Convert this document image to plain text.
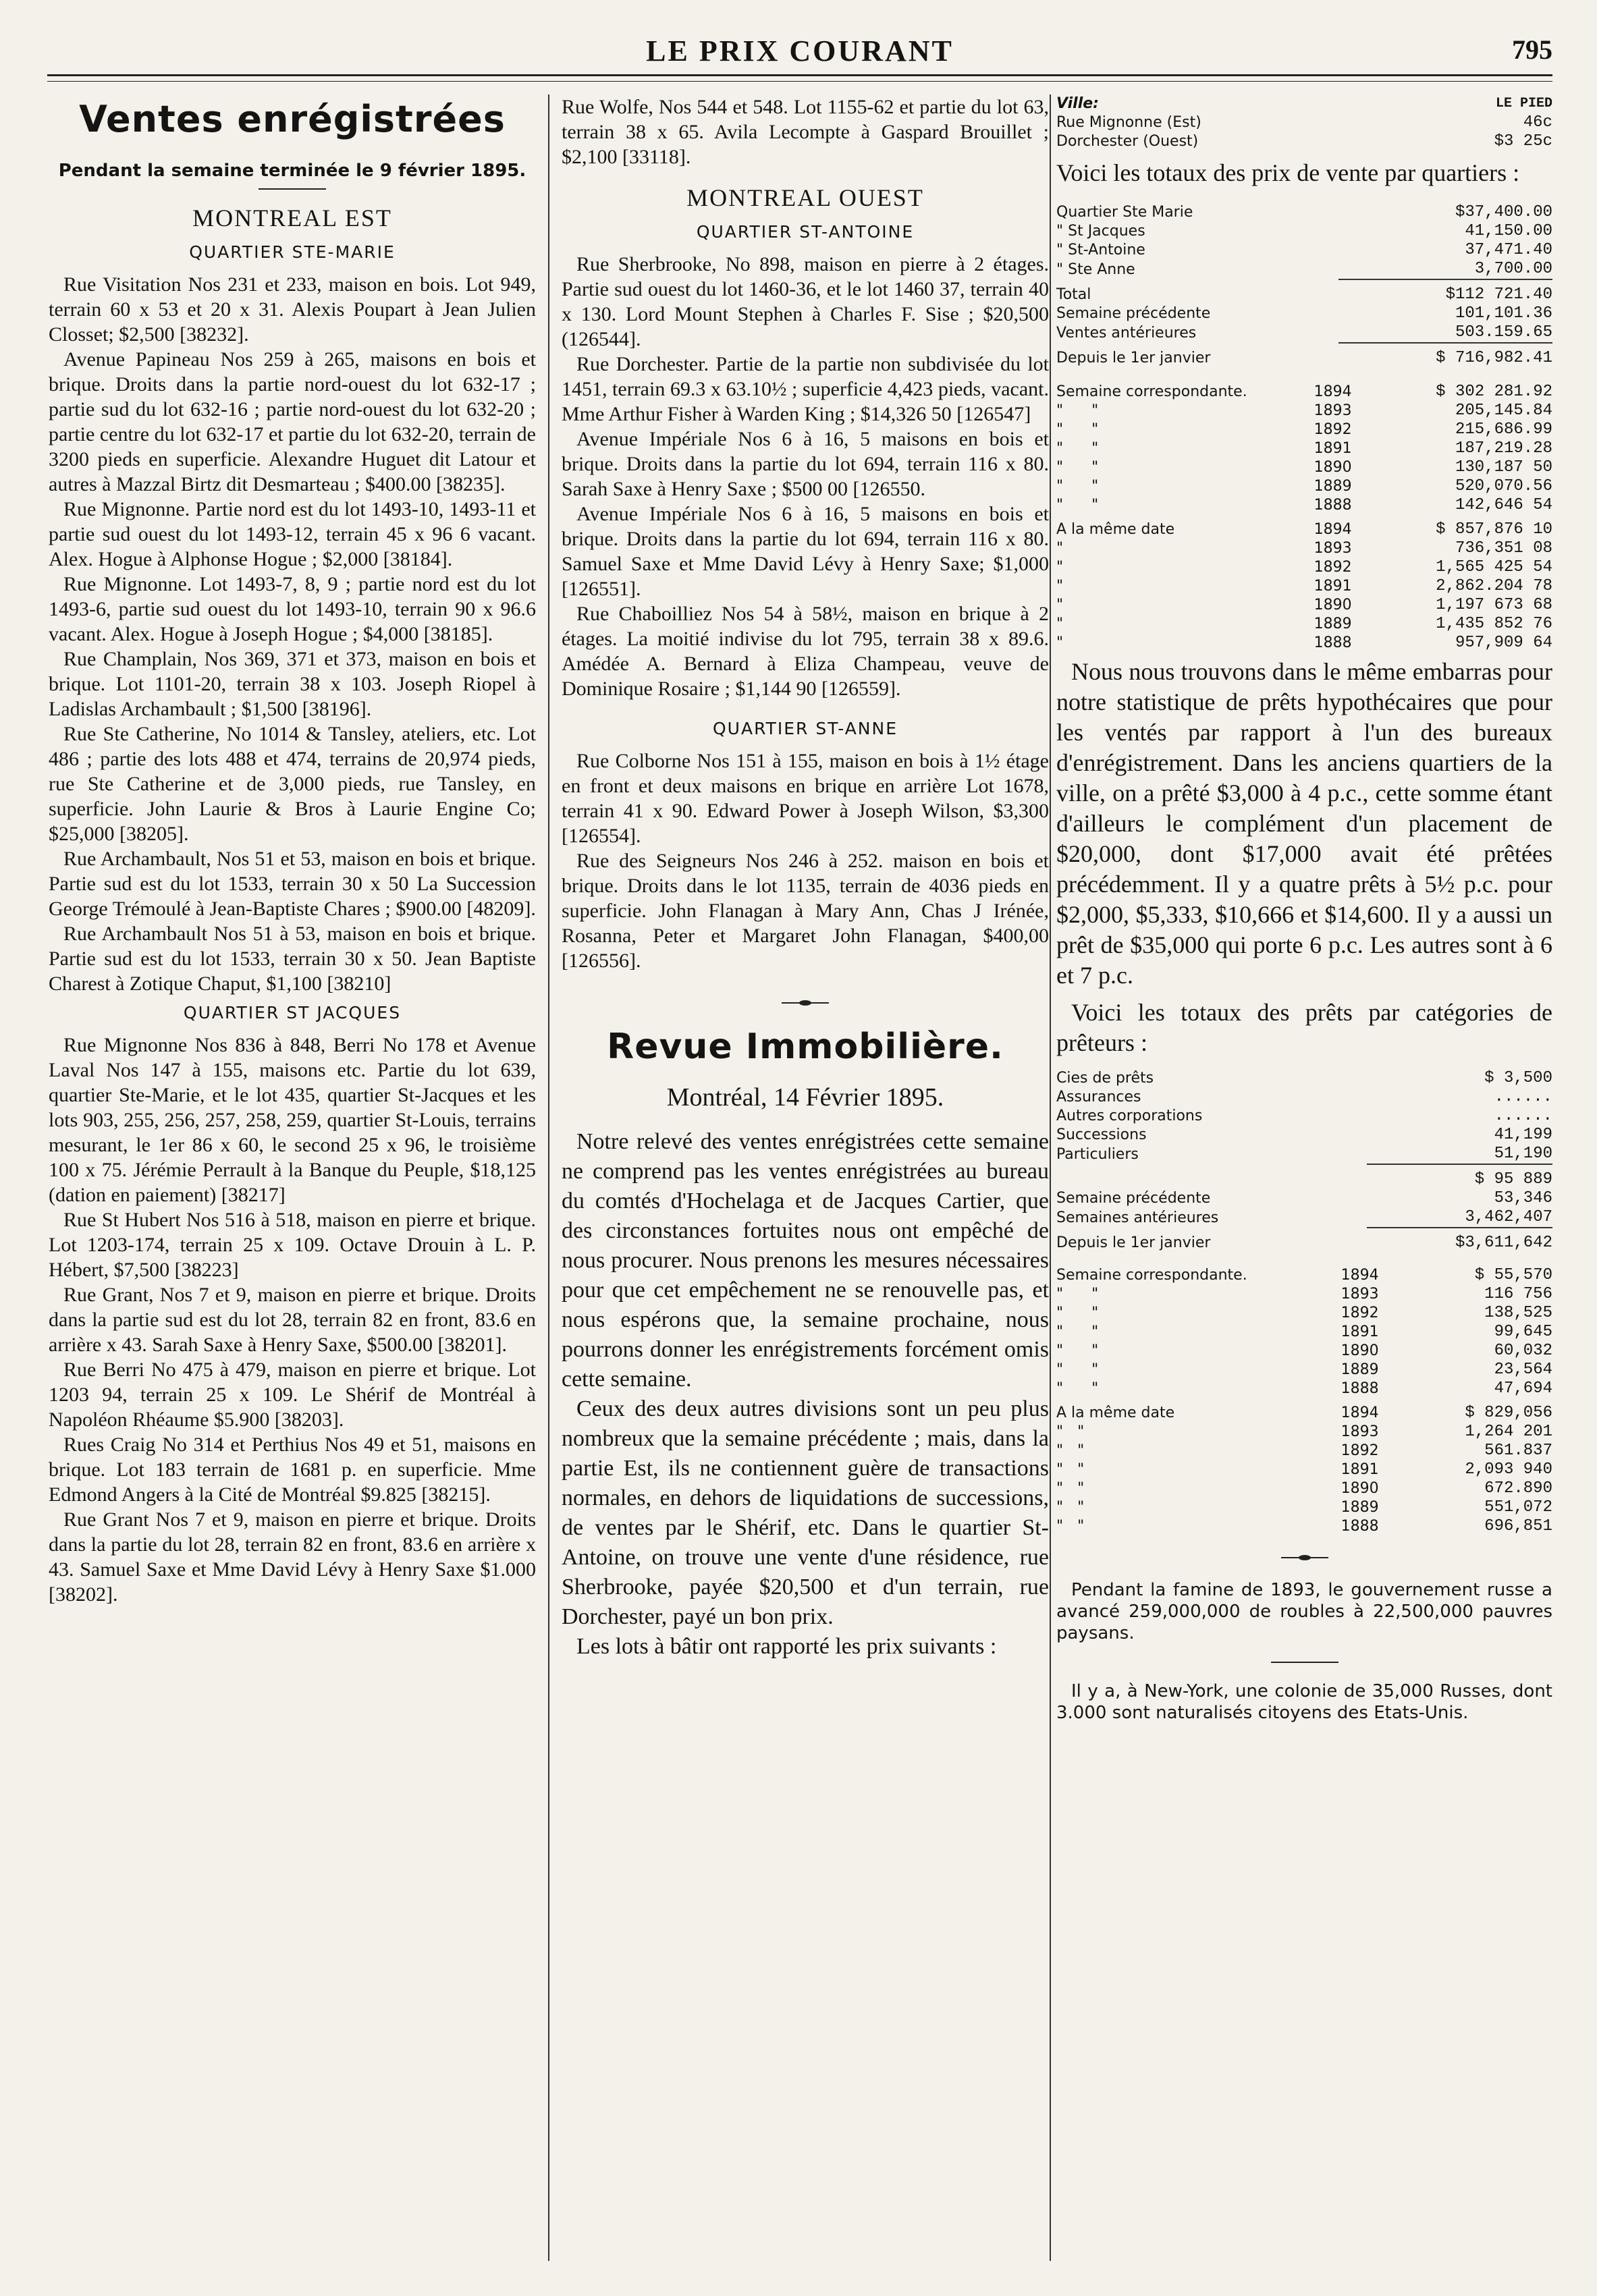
LE PRIX COURANT	795
Ventes enrégistrées
Pendant la semaine terminée le 9 février 1895.
MONTREAL EST
QUARTIER STE-MARIE

Rue Visitation Nos 231 et 233, maison en bois. Lot 949, terrain 60 x 53 et 20 x 31. Alexis Poupart à Jean Julien Closset; $2,500 [38232].

Avenue Papineau Nos 259 à 265, maisons en bois et brique. Droits dans la partie nord-ouest du lot 632-17 ; partie sud du lot 632-16 ; partie nord-ouest du lot 632-20 ; partie centre du lot 632-17 et partie du lot 632-20, terrain de 3200 pieds en superficie. Alexandre Huguet dit Latour et autres à Mazzal Birtz dit Desmarteau ; $400.00 [38235].

Rue Mignonne. Partie nord est du lot 1493-10, 1493-11 et partie sud ouest du lot 1493-12, terrain 45 x 96 6 vacant. Alex. Hogue à Alphonse Hogue ; $2,000 [38184].

Rue Mignonne. Lot 1493-7, 8, 9 ; partie nord est du lot 1493-6, partie sud ouest du lot 1493-10, terrain 90 x 96.6 vacant. Alex. Hogue à Joseph Hogue ; $4,000 [38185].

Rue Champlain, Nos 369, 371 et 373, maison en bois et brique. Lot 1101-20, terrain 38 x 103. Joseph Riopel à Ladislas Archambault ; $1,500 [38196].

Rue Ste Catherine, No 1014 & Tansley, ateliers, etc. Lot 486 ; partie des lots 488 et 474, terrains de 20,974 pieds, rue Ste Catherine et de 3,000 pieds, rue Tansley, en superficie. John Laurie & Bros à Laurie Engine Co; $25,000 [38205].

Rue Archambault, Nos 51 et 53, maison en bois et brique. Partie sud est du lot 1533, terrain 30 x 50 La Succession George Trémoulé à Jean-Baptiste Chares ; $900.00 [48209].

Rue Archambault Nos 51 à 53, maison en bois et brique. Partie sud est du lot 1533, terrain 30 x 50. Jean Baptiste Charest à Zotique Chaput, $1,100 [38210]

QUARTIER ST JACQUES

Rue Mignonne Nos 836 à 848, Berri No 178 et Avenue Laval Nos 147 à 155, maisons etc. Partie du lot 639, quartier Ste-Marie, et le lot 435, quartier St-Jacques et les lots 903, 255, 256, 257, 258, 259, quartier St-Louis, terrains mesurant, le 1er 86 x 60, le second 25 x 96, le troisième 100 x 75. Jérémie Perrault à la Banque du Peuple, $18,125 (dation en paiement) [38217]

Rue St Hubert Nos 516 à 518, maison en pierre et brique. Lot 1203-174, terrain 25 x 109. Octave Drouin à L. P. Hébert, $7,500 [38223]

Rue Grant, Nos 7 et 9, maison en pierre et brique. Droits dans la partie sud est du lot 28, terrain 82 en front, 83.6 en arrière x 43. Sarah Saxe à Henry Saxe, $500.00 [38201].

Rue Berri No 475 à 479, maison en pierre et brique. Lot 1203 94, terrain 25 x 109. Le Shérif de Montréal à Napoléon Rhéaume $5.900 [38203].

Rues Craig No 314 et Perthius Nos 49 et 51, maisons en brique. Lot 183 terrain de 1681 p. en superficie. Mme Edmond Angers à la Cité de Montréal $9.825 [38215].

Rue Grant Nos 7 et 9, maison en pierre et brique. Droits dans la partie du lot 28, terrain 82 en front, 83.6 en arrière x 43. Samuel Saxe et Mme David Lévy à Henry Saxe $1.000 [38202].

Rue Wolfe, Nos 544 et 548. Lot 1155-62 et partie du lot 63, terrain 38 x 65. Avila Lecompte à Gaspard Brouillet ; $2,100 [33118].

MONTREAL OUEST
QUARTIER ST-ANTOINE

Rue Sherbrooke, No 898, maison en pierre à 2 étages. Partie sud ouest du lot 1460-36, et le lot 1460 37, terrain 40 x 130. Lord Mount Stephen à Charles F. Sise ; $20,500 (126544].

Rue Dorchester. Partie de la partie non subdivisée du lot 1451, terrain 69.3 x 63.10½ ; superficie 4,423 pieds, vacant. Mme Arthur Fisher à Warden King ; $14,326 50 [126547]

Avenue Impériale Nos 6 à 16, 5 maisons en bois et brique. Droits dans la partie du lot 694, terrain 116 x 80. Sarah Saxe à Henry Saxe ; $500 00 [126550.

Avenue Impériale Nos 6 à 16, 5 maisons en bois et brique. Droits dans la partie du lot 694, terrain 116 x 80. Samuel Saxe et Mme David Lévy à Henry Saxe; $1,000 [126551].

Rue Chaboilliez Nos 54 à 58½, maison en brique à 2 étages. La moitié indivise du lot 795, terrain 38 x 89.6. Amédée A. Bernard à Eliza Champeau, veuve de Dominique Rosaire ; $1,144 90 [126559].

QUARTIER ST-ANNE

Rue Colborne Nos 151 à 155, maison en bois à 1½ étage en front et deux maisons en brique en arrière Lot 1678, terrain 41 x 90. Edward Power à Joseph Wilson, $3,300 [126554].

Rue des Seigneurs Nos 246 à 252. maison en bois et brique. Droits dans le lot 1135, terrain de 4036 pieds en superficie. John Flanagan à Mary Ann, Chas J Irénée, Rosanna, Peter et Margaret John Flanagan, $400,00 [126556].

Revue Immobilière.
Montréal, 14 Février 1895.

Notre relevé des ventes enrégistrées cette semaine ne comprend pas les ventes enrégistrées au bureau du comtés d'Hochelaga et de Jacques Cartier, que des circonstances fortuites nous ont empêché de nous procurer. Nous prenons les mesures nécessaires pour que cet empêchement ne se renouvelle pas, et nous espérons que, la semaine prochaine, nous pourrons donner les enrégistrements forcément omis cette semaine.

Ceux des deux autres divisions sont un peu plus nombreux que la semaine précédente ; mais, dans la partie Est, ils ne contiennent guère de transactions normales, en dehors de liquidations de successions, de ventes par le Shérif, etc. Dans le quartier St-Antoine, on trouve une vente d'une résidence, rue Sherbrooke, payée $20,500 et d'un terrain, rue Dorchester, payé un bon prix.

Les lots à bâtir ont rapporté les prix suivants :

Ville:	LE PIED
Rue Mignonne (Est)	46c
Dorchester (Ouest)	$3 25c

Voici les totaux des prix de vente par quartiers :

Quartier Ste Marie	$37,400.00
" St Jacques	41,150.00
" St-Antoine	37,471.40
" Ste Anne	3,700.00
Total	$112 721.40
Semaine précédente	101,101.36
Ventes antérieures	503.159.65
Depuis le 1er janvier	$ 716,982.41
Semaine correspondante.	1894	$ 302 281.92
"      "	1893	205,145.84
"      "	1892	215,686.99
"      "	1891	187,219.28
"      "	1890	130,187 50
"      "	1889	520,070.56
"      "	1888	142,646 54
A la même date	1894	$ 857,876 10
"	1893	736,351 08
"	1892	1,565 425 54
"	1891	2,862.204 78
"	1890	1,197 673 68
"	1889	1,435 852 76
"	1888	957,909 64

Nous nous trouvons dans le même embarras pour notre statistique de prêts hypothécaires que pour les ventés par rapport à l'un des bureaux d'enrégistrement. Dans les anciens quartiers de la ville, on a prêté $3,000 à 4 p.c., cette somme étant d'ailleurs le complément d'un placement de $20,000, dont $17,000 avait été prêtées précédemment. Il y a quatre prêts à 5½ p.c. pour $2,000, $5,333, $10,666 et $14,600. Il y a aussi un prêt de $35,000 qui porte 6 p.c. Les autres sont à 6 et 7 p.c.

Voici les totaux des prêts par catégories de prêteurs :

Cies de prêts	$ 3,500
Assurances	......
Autres corporations	......
Successions	41,199
Particuliers	51,190
	$ 95 889
Semaine précédente	53,346
Semaines antérieures	3,462,407
Depuis le 1er janvier	$3,611,642
Semaine correspondante.	1894	$ 55,570
"      "	1893	116 756
"      "	1892	138,525
"      "	1891	99,645
"      "	1890	60,032
"      "	1889	23,564
"      "	1888	47,694
A la même date	1894	$ 829,056
"   "	1893	1,264 201
"   "	1892	561.837
"   "	1891	2,093 940
"   "	1890	672.890
"   "	1889	551,072
"   "	1888	696,851

Pendant la famine de 1893, le gouvernement russe a avancé 259,000,000 de roubles à 22,500,000 pauvres paysans.

Il y a, à New-York, une colonie de 35,000 Russes, dont 3.000 sont naturalisés citoyens des Etats-Unis.
